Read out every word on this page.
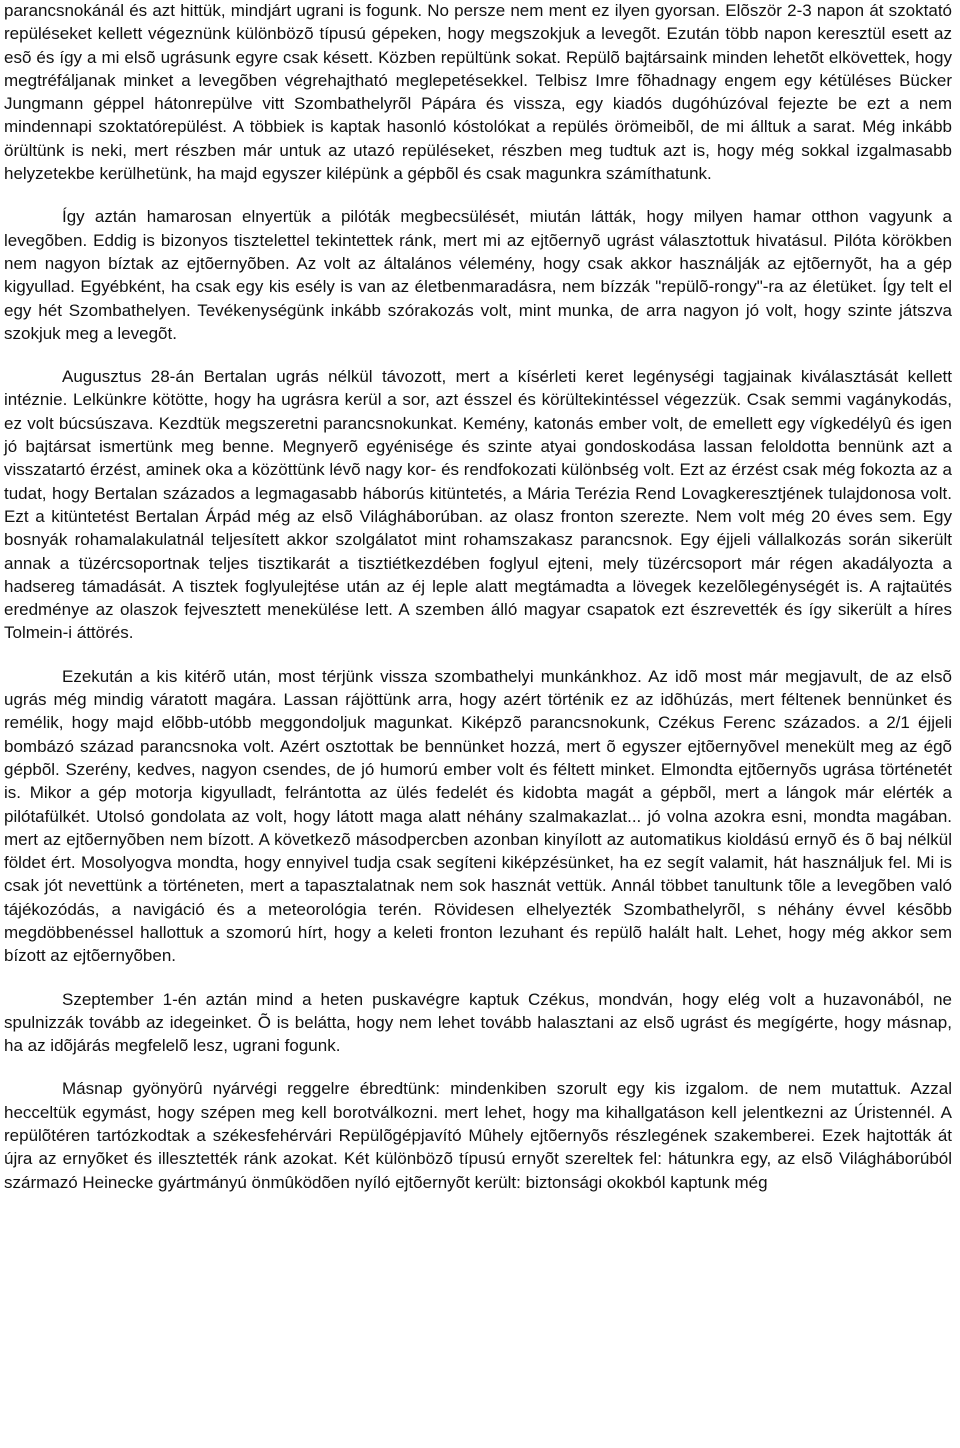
parancsnokánál és azt hittük, mindjárt ugrani is fogunk. No persze nem ment ez ilyen gyorsan. Elõször 2-3 napon át szoktató repüléseket kellett végeznünk különbözõ típusú gépeken, hogy megszokjuk a levegõt. Ezután több napon keresztül esett az esõ és így a mi elsõ ugrásunk egyre csak késett. Közben repültünk sokat. Repülõ bajtársaink minden lehetõt elkövettek, hogy megtréfáljanak minket a levegõben végrehajtható meglepetésekkel. Telbisz Imre fõhadnagy engem egy kétüléses Bücker Jungmann géppel hátonrepülve vitt Szombathelyrõl Pápára és vissza, egy kiadós dugóhúzóval fejezte be ezt a nem mindennapi szoktatórepülést. A többiek is kaptak hasonló kóstolókat a repülés örömeibõl, de mi álltuk a sarat. Még inkább örültünk is neki, mert részben már untuk az utazó repüléseket, részben meg tudtuk azt is, hogy még sokkal izgalmasabb helyzetekbe kerülhetünk, ha majd egyszer kilépünk a gépbõl és csak magunkra számíthatunk.

Így aztán hamarosan elnyertük a pilóták megbecsülését, miután látták, hogy milyen hamar otthon vagyunk a levegõben. Eddig is bizonyos tisztelettel tekintettek ránk, mert mi az ejtõernyõ ugrást választottuk hivatásul. Pilóta körökben nem nagyon bíztak az ejtõernyõben. Az volt az általános vélemény, hogy csak akkor használják az ejtõernyõt, ha a gép kigyullad. Egyébként, ha csak egy kis esély is van az életbenmaradásra, nem bízzák "repülõ-rongy"-ra az életüket. Így telt el egy hét Szombathelyen. Tevékenységünk inkább szórakozás volt, mint munka, de arra nagyon jó volt, hogy szinte játszva szokjuk meg a levegõt.

Augusztus 28-án Bertalan ugrás nélkül távozott, mert a kísérleti keret legénységi tagjainak kiválasztását kellett intéznie. Lelkünkre kötötte, hogy ha ugrásra kerül a sor, azt ésszel és körültekintéssel végezzük. Csak semmi vagánykodás, ez volt búcsúszava. Kezdtük megszeretni parancsnokunkat. Kemény, katonás ember volt, de emellett egy vígkedélyû és igen jó bajtársat ismertünk meg benne. Megnyerõ egyénisége és szinte atyai gondoskodása lassan feloldotta bennünk azt a visszatartó érzést, aminek oka a közöttünk lévõ nagy kor- és rendfokozati különbség volt. Ezt az érzést csak még fokozta az a tudat, hogy Bertalan százados a legmagasabb háborús kitüntetés, a Mária Terézia Rend Lovagkeresztjének tulajdonosa volt. Ezt a kitüntetést Bertalan Árpád még az elsõ Világháborúban. az olasz fronton szerezte. Nem volt még 20 éves sem. Egy bosnyák rohamalakulatnál teljesített akkor szolgálatot mint rohamszakasz parancsnok. Egy éjjeli vállalkozás során sikerült annak a tüzércsoportnak teljes tisztikarát a tisztiétkezdében foglyul ejteni, mely tüzércsoport már régen akadályozta a hadsereg támadását. A tisztek foglyulejtése után az éj leple alatt megtámadta a lövegek kezelõlegénységét is. A rajtaütés eredménye az olaszok fejvesztett menekülése lett. A szemben álló magyar csapatok ezt észrevették és így sikerült a híres Tolmein-i áttörés.

Ezekután a kis kitérõ után, most térjünk vissza szombathelyi munkánkhoz. Az idõ most már megjavult, de az elsõ ugrás még mindig váratott magára. Lassan rájöttünk arra, hogy azért történik ez az idõhúzás, mert féltenek bennünket és remélik, hogy majd elõbb-utóbb meggondoljuk magunkat. Kiképzõ parancsnokunk, Czékus Ferenc százados. a 2/1 éjjeli bombázó század parancsnoka volt. Azért osztottak be bennünket hozzá, mert õ egyszer ejtõernyõvel menekült meg az égõ gépbõl. Szerény, kedves, nagyon csendes, de jó humorú ember volt és féltett minket. Elmondta ejtõernyõs ugrása történetét is. Mikor a gép motorja kigyulladt, felrántotta az ülés fedelét és kidobta magát a gépbõl, mert a lángok már elérték a pilótafülkét. Utolsó gondolata az volt, hogy látott maga alatt néhány szalmakazlat... jó volna azokra esni, mondta magában. mert az ejtõernyõben nem bízott. A következõ másodpercben azonban kinyílott az automatikus kioldású ernyõ és õ baj nélkül földet ért. Mosolyogva mondta, hogy ennyivel tudja csak segíteni kiképzésünket, ha ez segít valamit, hát használjuk fel. Mi is csak jót nevettünk a történeten, mert a tapasztalatnak nem sok hasznát vettük. Annál többet tanultunk tõle a levegõben való tájékozódás, a navigáció és a meteorológia terén. Rövidesen elhelyezték Szombathelyrõl, s néhány évvel késõbb megdöbbenéssel hallottuk a szomorú hírt, hogy a keleti fronton lezuhant és repülõ halált halt. Lehet, hogy még akkor sem bízott az ejtõernyõben.

Szeptember 1-én aztán mind a heten puskavégre kaptuk Czékus, mondván, hogy elég volt a huzavonából, ne spulnizzák tovább az idegeinket. Õ is belátta, hogy nem lehet tovább halasztani az elsõ ugrást és megígérte, hogy másnap, ha az idõjárás megfelelõ lesz, ugrani fogunk.

Másnap gyönyörû nyárvégi reggelre ébredtünk: mindenkiben szorult egy kis izgalom. de nem mutattuk. Azzal hecceltük egymást, hogy szépen meg kell borotválkozni. mert lehet, hogy ma kihallgatáson kell jelentkezni az Úristennél. A repülõtéren tartózkodtak a székesfehérvári Repülõgépjavító Mûhely ejtõernyõs részlegének szakemberei. Ezek hajtották át újra az ernyõket és illesztették ránk azokat. Két különbözõ típusú ernyõt szereltek fel: hátunkra egy, az elsõ Világháborúból származó Heinecke gyártmányú önmûködõen nyíló ejtõernyõt került: biztonsági okokból kaptunk még
